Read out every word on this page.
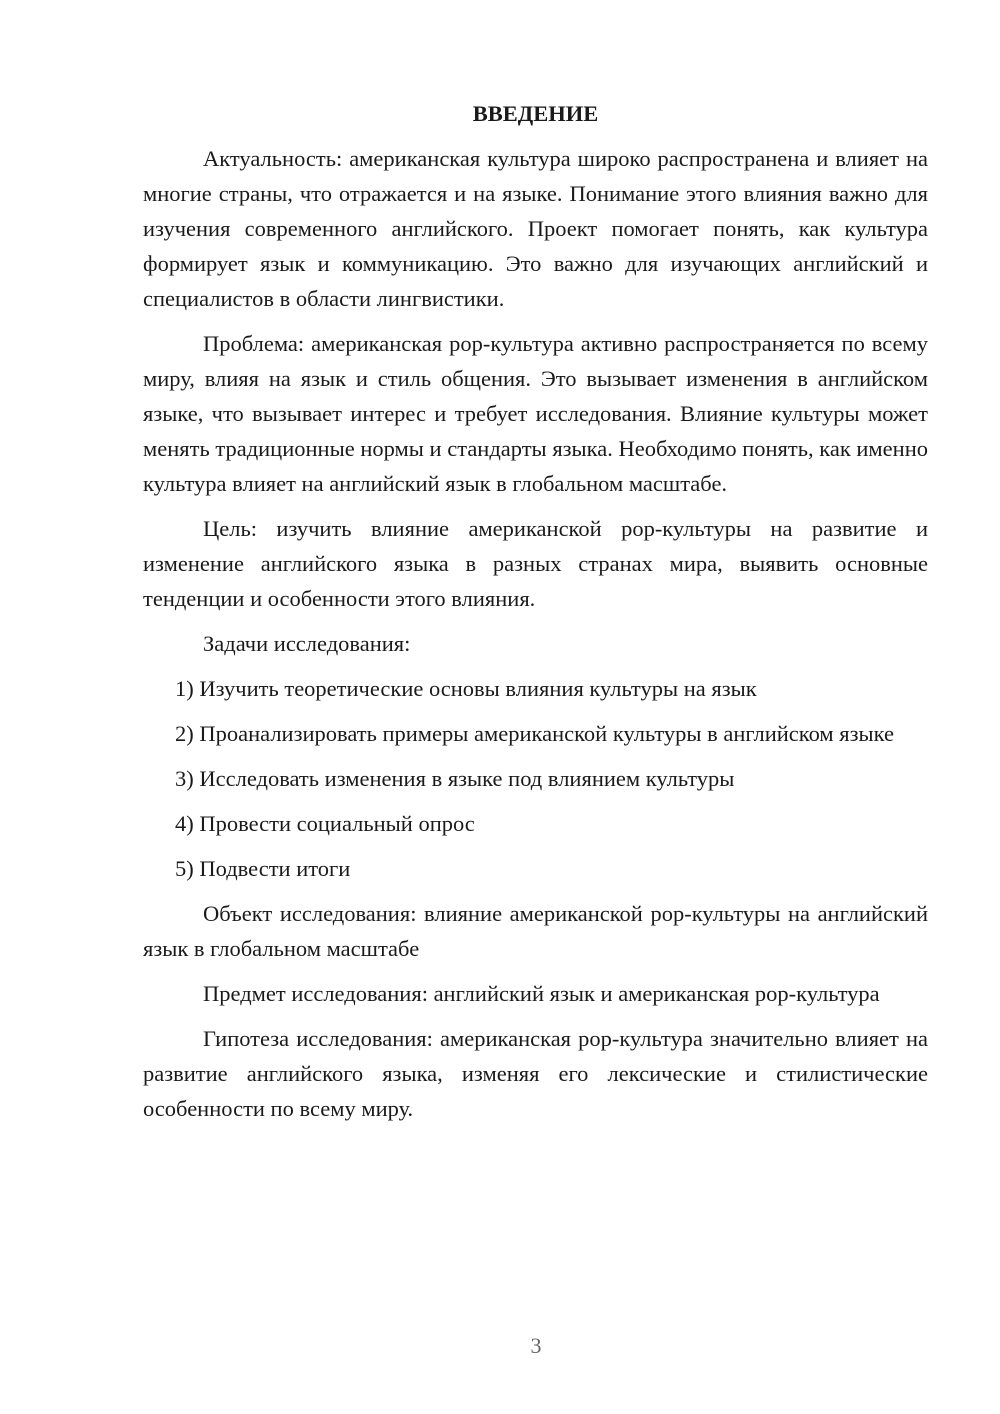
ВВЕДЕНИЕ

Актуальность: американская культура широко распространена и влияет на многие страны, что отражается и на языке. Понимание этого влияния важно для изучения современного английского. Проект помогает понять, как культура формирует язык и коммуникацию. Это важно для изучающих английский и специалистов в области лингвистики.

Проблема: американская poр-культура активно распространяется по всему миру, влияя на язык и стиль общения. Это вызывает изменения в английском языке, что вызывает интерес и требует исследования. Влияние культуры может менять традиционные нормы и стандарты языка. Необходимо понять, как именно культура влияет на английский язык в глобальном масштабе.

Цель: изучить влияние американской poр-культуры на развитие и изменение английского языка в разных странах мира, выявить основные тенденции и особенности этого влияния.

Задачи исследования:

1) Изучить теоретические основы влияния культуры на язык

2) Проанализировать примеры американской культуры в английском языке

3) Исследовать изменения в языке под влиянием культуры

4) Провести социальный опрос

5) Подвести итоги

Объект исследования: влияние американской poр-культуры на английский язык в глобальном масштабе

Предмет исследования: английский язык и американская poр-культура

Гипотеза исследования: американская poр-культура значительно влияет на развитие английского языка, изменяя его лексические и стилистические особенности по всему миру.

3
